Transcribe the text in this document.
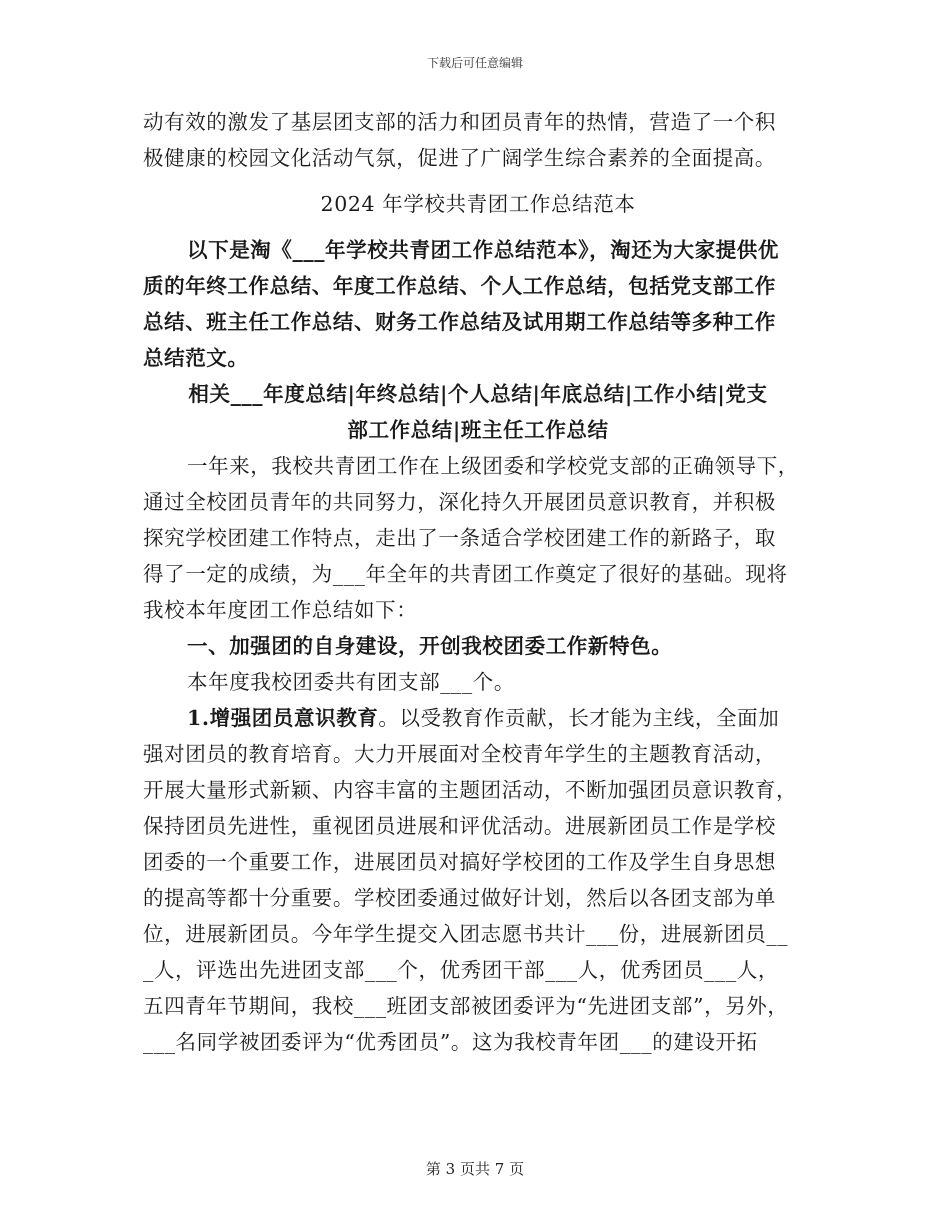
下载后可任意编辑
动有效的激发了基层团支部的活力和团员青年的热情，营造了一个积
极健康的校园文化活动气氛，促进了广阔学生综合素养的全面提高。
2024 年学校共青团工作总结范本
以下是淘《___年学校共青团工作总结范本》，淘还为大家提供优
质的年终工作总结、年度工作总结、个人工作总结，包括党支部工作
总结、班主任工作总结、财务工作总结及试用期工作总结等多种工作
总结范文。
相关___年度总结|年终总结|个人总结|年底总结|工作小结|党支
部工作总结|班主任工作总结
一年来，我校共青团工作在上级团委和学校党支部的正确领导下，
通过全校团员青年的共同努力，深化持久开展团员意识教育，并积极
探究学校团建工作特点，走出了一条适合学校团建工作的新路子，取
得了一定的成绩，为___年全年的共青团工作奠定了很好的基础。现将
我校本年度团工作总结如下：
一、加强团的自身建设，开创我校团委工作新特色。
本年度我校团委共有团支部___个。
1.增强团员意识教育。以受教育作贡献，长才能为主线，全面加
强对团员的教育培育。大力开展面对全校青年学生的主题教育活动，
开展大量形式新颖、内容丰富的主题团活动，不断加强团员意识教育，
保持团员先进性，重视团员进展和评优活动。进展新团员工作是学校
团委的一个重要工作，进展团员对搞好学校团的工作及学生自身思想
的提高等都十分重要。学校团委通过做好计划，然后以各团支部为单
位，进展新团员。今年学生提交入团志愿书共计___份，进展新团员__
_人，评选出先进团支部___个，优秀团干部___人，优秀团员___人，
五四青年节期间，我校___班团支部被团委评为“先进团支部”，另外，
___名同学被团委评为“优秀团员”。这为我校青年团___的建设开拓
第 3 页共 7 页
